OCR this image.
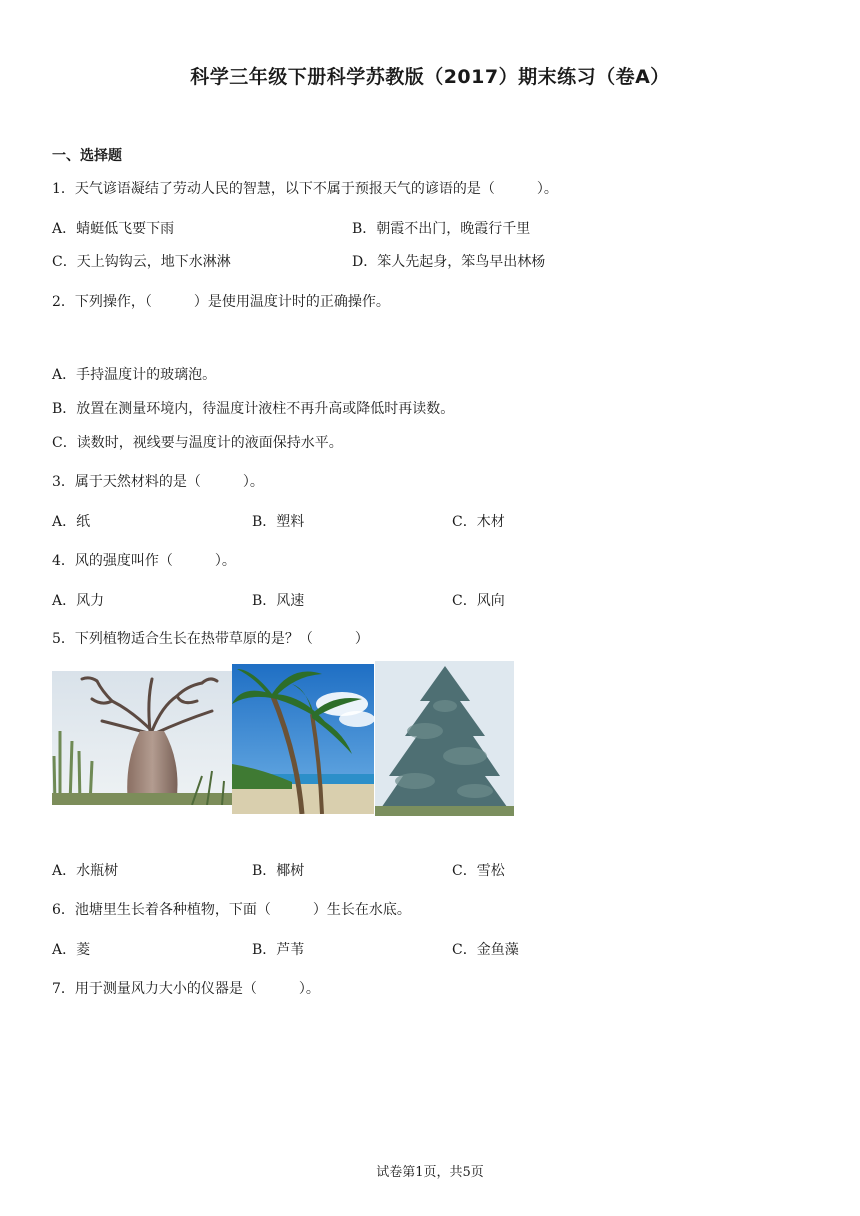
科学三年级下册科学苏教版（2017）期末练习（卷A）
一、选择题
1．天气谚语凝结了劳动人民的智慧，以下不属于预报天气的谚语的是（　　　）。
A．蜻蜓低飞要下雨	B．朝霞不出门，晚霞行千里
C．天上钩钩云，地下水淋淋	D．笨人先起身，笨鸟早出林杨
2．下列操作，（　　　）是使用温度计时的正确操作。
A．手持温度计的玻璃泡。
B．放置在测量环境内，待温度计液柱不再升高或降低时再读数。
C．读数时，视线要与温度计的液面保持水平。
3．属于天然材料的是（　　　）。
A．纸	B．塑料	C．木材
4．风的强度叫作（　　　）。
A．风力	B．风速	C．风向
5．下列植物适合生长在热带草原的是？（　　　）
A．水瓶树	B．椰树	C．雪松
6．池塘里生长着各种植物，下面（　　　）生长在水底。
A．菱	B．芦苇	C．金鱼藻
7．用于测量风力大小的仪器是（　　　）。
试卷第1页，共5页
